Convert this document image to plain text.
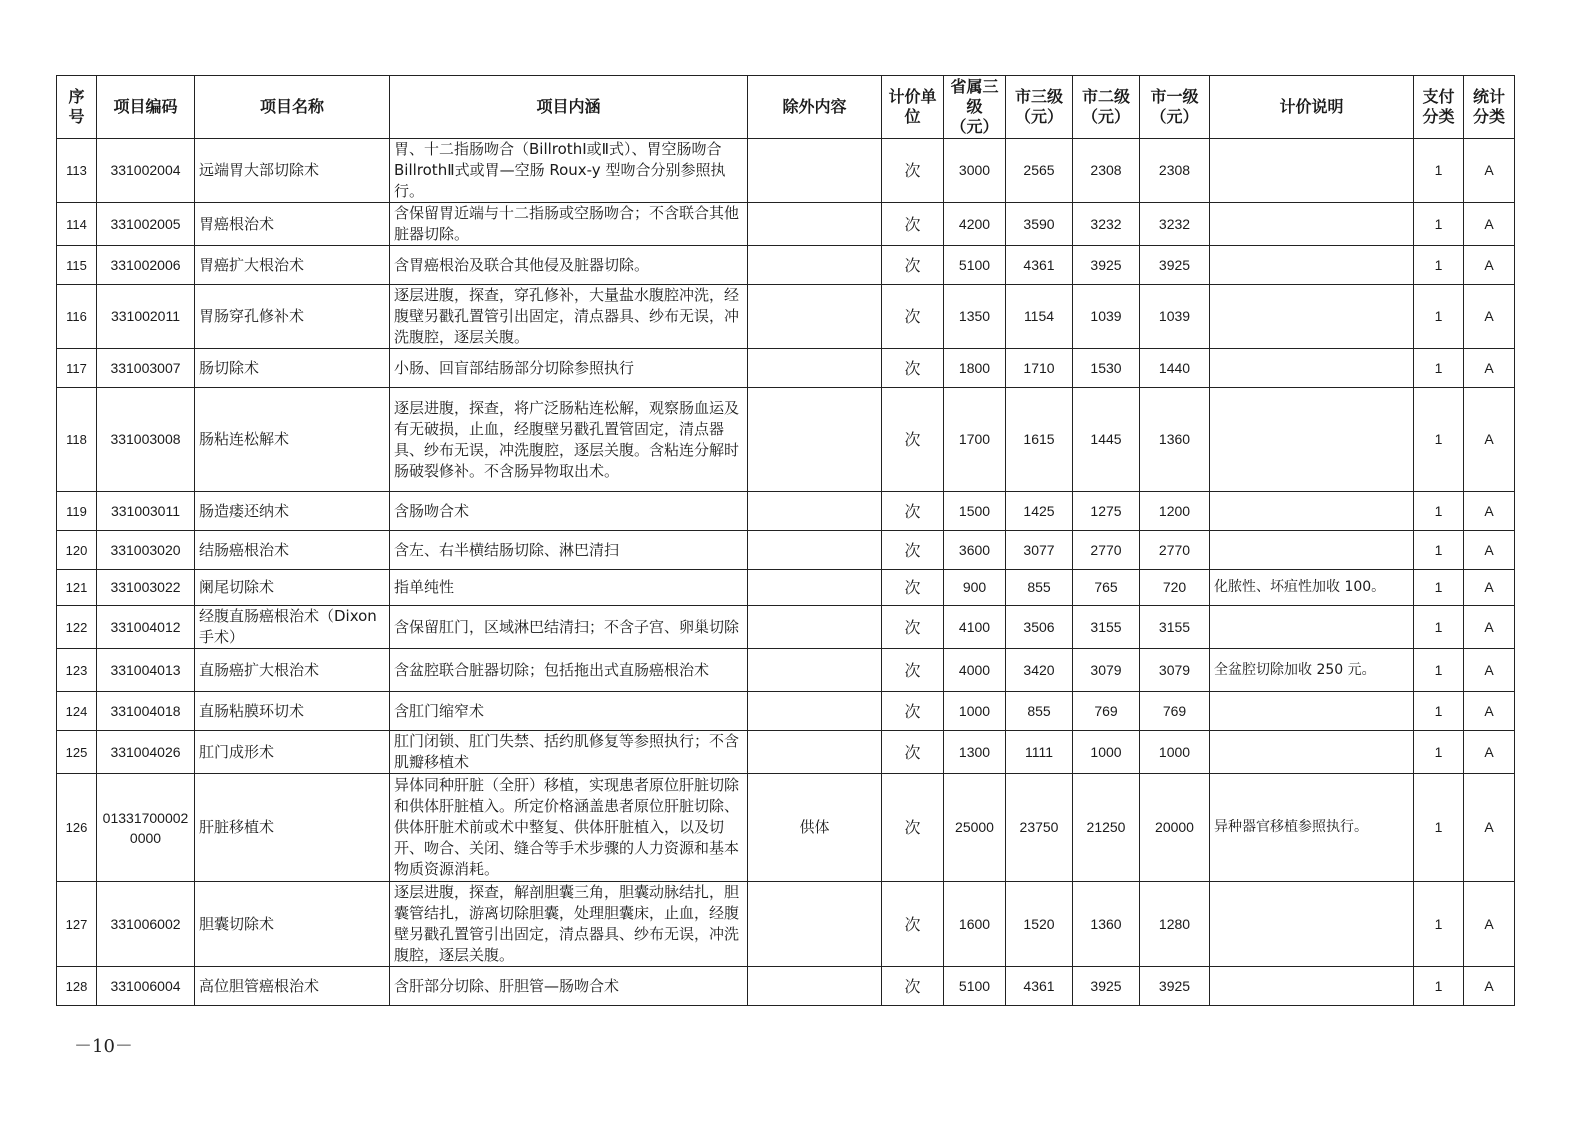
序号	项目编码	项目名称	项目内涵	除外内容	计价单位	省属三级（元）	市三级（元）	市二级（元）	市一级（元）	计价说明	支付分类	统计分类
113	331002004	远端胃大部切除术	胃、十二指肠吻合（BillrothⅠ或Ⅱ式）、胃空肠吻合 BillrothⅡ式或胃—空肠 Roux-y 型吻合分别参照执行。		次	3000	2565	2308	2308		1	A
114	331002005	胃癌根治术	含保留胃近端与十二指肠或空肠吻合；不含联合其他脏器切除。		次	4200	3590	3232	3232		1	A
115	331002006	胃癌扩大根治术	含胃癌根治及联合其他侵及脏器切除。		次	5100	4361	3925	3925		1	A
116	331002011	胃肠穿孔修补术	逐层进腹，探查，穿孔修补，大量盐水腹腔冲洗，经腹壁另戳孔置管引出固定，清点器具、纱布无误，冲洗腹腔，逐层关腹。		次	1350	1154	1039	1039		1	A
117	331003007	肠切除术	小肠、回盲部结肠部分切除参照执行		次	1800	1710	1530	1440		1	A
118	331003008	肠粘连松解术	逐层进腹，探查，将广泛肠粘连松解，观察肠血运及有无破损，止血，经腹壁另戳孔置管固定，清点器具、纱布无误，冲洗腹腔，逐层关腹。含粘连分解时肠破裂修补。不含肠异物取出术。		次	1700	1615	1445	1360		1	A
119	331003011	肠造瘘还纳术	含肠吻合术		次	1500	1425	1275	1200		1	A
120	331003020	结肠癌根治术	含左、右半横结肠切除、淋巴清扫		次	3600	3077	2770	2770		1	A
121	331003022	阑尾切除术	指单纯性		次	900	855	765	720	化脓性、坏疽性加收 100。	1	A
122	331004012	经腹直肠癌根治术（Dixon 手术）	含保留肛门，区域淋巴结清扫；不含子宫、卵巢切除		次	4100	3506	3155	3155		1	A
123	331004013	直肠癌扩大根治术	含盆腔联合脏器切除；包括拖出式直肠癌根治术		次	4000	3420	3079	3079	全盆腔切除加收 250 元。	1	A
124	331004018	直肠粘膜环切术	含肛门缩窄术		次	1000	855	769	769		1	A
125	331004026	肛门成形术	肛门闭锁、肛门失禁、括约肌修复等参照执行；不含肌瓣移植术		次	1300	1111	1000	1000		1	A
126	013317000020000	肝脏移植术	异体同种肝脏（全肝）移植，实现患者原位肝脏切除和供体肝脏植入。所定价格涵盖患者原位肝脏切除、供体肝脏术前或术中整复、供体肝脏植入，以及切开、吻合、关闭、缝合等手术步骤的人力资源和基本物质资源消耗。	供体	次	25000	23750	21250	20000	异种器官移植参照执行。	1	A
127	331006002	胆囊切除术	逐层进腹，探查，解剖胆囊三角，胆囊动脉结扎，胆囊管结扎，游离切除胆囊，处理胆囊床，止血，经腹壁另戳孔置管引出固定，清点器具、纱布无误，冲洗腹腔，逐层关腹。		次	1600	1520	1360	1280		1	A
128	331006004	高位胆管癌根治术	含肝部分切除、肝胆管—肠吻合术		次	5100	4361	3925	3925		1	A
－10－
